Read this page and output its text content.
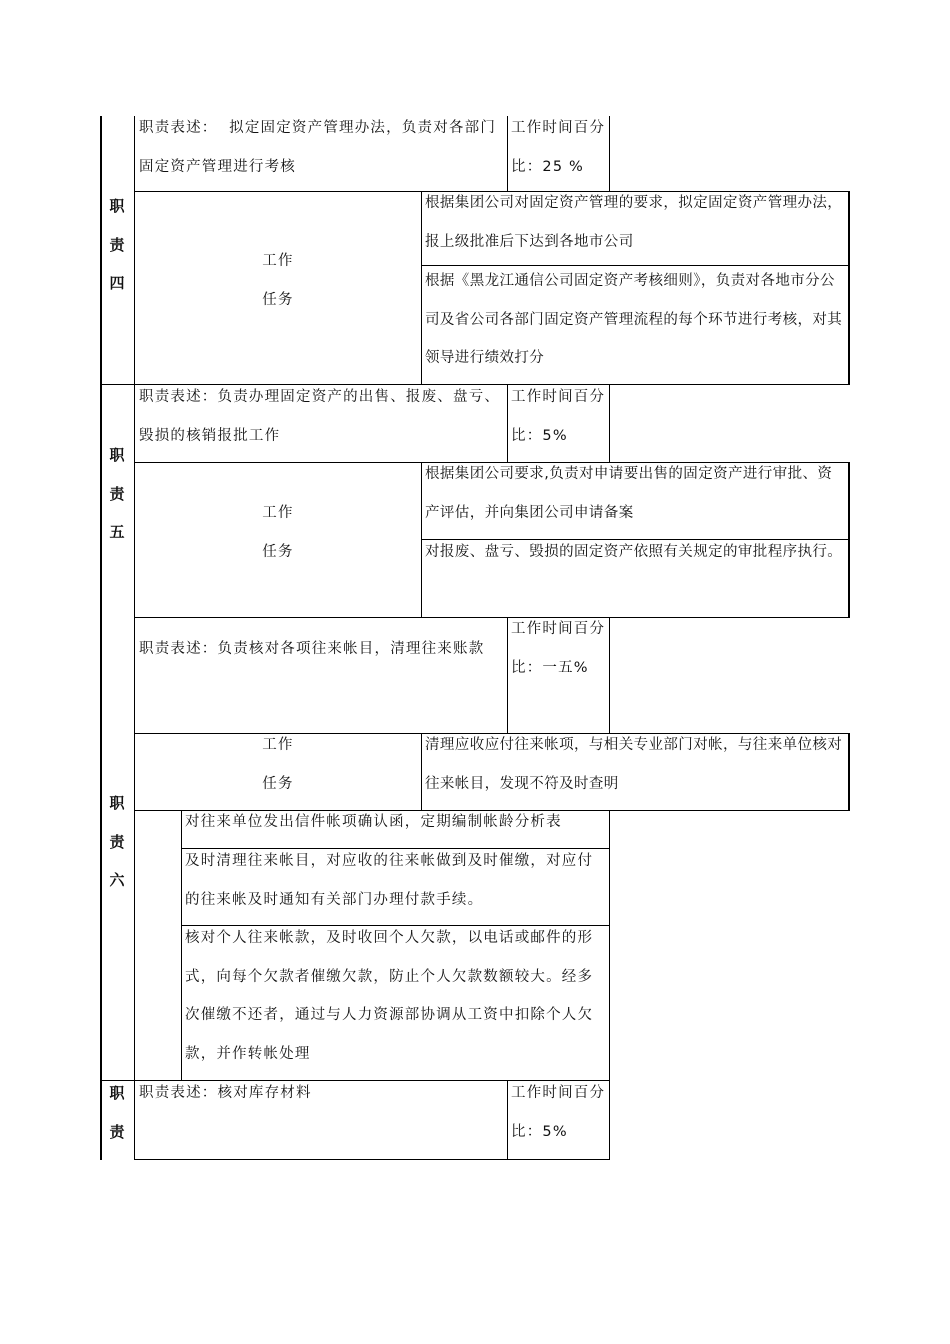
职 责 四
职责表述：  拟定固定资产管理办法，负责对各部门固定资产管理进行考核
工作时间百分比：25 %
工作
任务
根据集团公司对固定资产管理的要求，拟定固定资产管理办法，报上级批准后下达到各地市公司
根据《黑龙江通信公司固定资产考核细则》，负责对各地市分公司及省公司各部门固定资产管理流程的每个环节进行考核，对其领导进行绩效打分
职 责 五
职责表述：负责办理固定资产的出售、报废、盘亏、毁损的核销报批工作
工作时间百分比：5%
工作
任务
根据集团公司要求,负责对申请要出售的固定资产进行审批、资产评估，并向集团公司申请备案
对报废、盘亏、毁损的固定资产依照有关规定的审批程序执行。
职 责 六
职责表述：负责核对各项往来帐目，清理往来账款
工作时间百分比：一五%
工作
任务
清理应收应付往来帐项，与相关专业部门对帐，与往来单位核对往来帐目，发现不符及时查明
对往来单位发出信件帐项确认函，定期编制帐龄分析表
及时清理往来帐目，对应收的往来帐做到及时催缴，对应付的往来帐及时通知有关部门办理付款手续。
核对个人往来帐款，及时收回个人欠款，以电话或邮件的形式，向每个欠款者催缴欠款，防止个人欠款数额较大。经多次催缴不还者，通过与人力资源部协调从工资中扣除个人欠款，并作转帐处理
职 责
职责表述：核对库存材料	工作时间百分比：5%
